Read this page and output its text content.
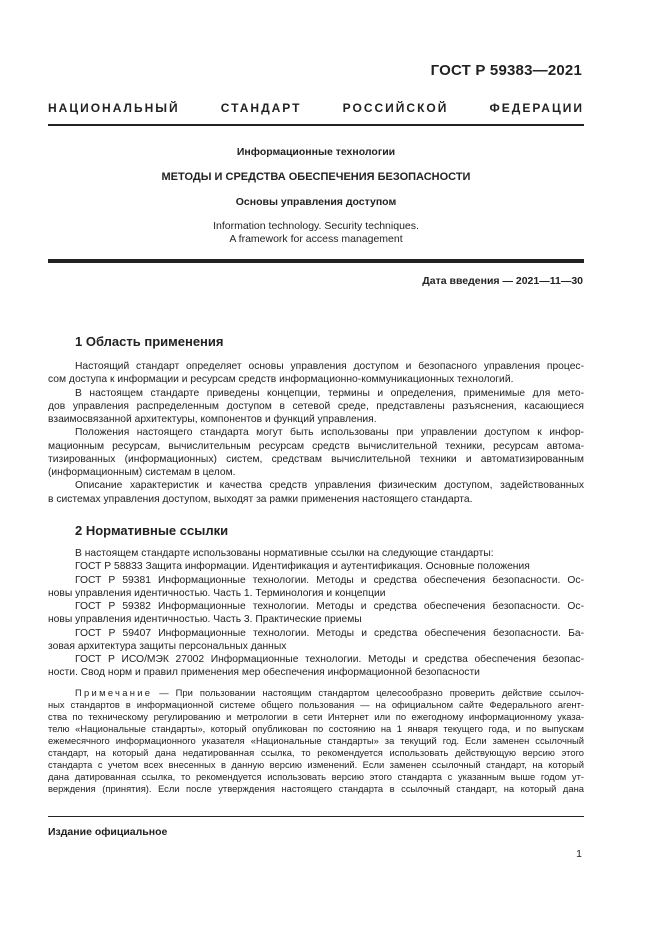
ГОСТ Р 59383—2021
НАЦИОНАЛЬНЫЙ СТАНДАРТ РОССИЙСКОЙ ФЕДЕРАЦИИ
Информационные технологии
МЕТОДЫ И СРЕДСТВА ОБЕСПЕЧЕНИЯ БЕЗОПАСНОСТИ
Основы управления доступом
Information technology. Security techniques.
A framework for access management
Дата введения — 2021—11—30
1 Область применения
Настоящий стандарт определяет основы управления доступом и безопасного управления процес-
сом доступа к информации и ресурсам средств информационно-коммуникационных технологий.
В настоящем стандарте приведены концепции, термины и определения, применимые для мето-
дов управления распределенным доступом в сетевой среде, представлены разъяснения, касающиеся
взаимосвязанной архитектуры, компонентов и функций управления.
Положения настоящего стандарта могут быть использованы при управлении доступом к инфор-
мационным ресурсам, вычислительным ресурсам средств вычислительной техники, ресурсам автома-
тизированных (информационных) систем, средствам вычислительной техники и автоматизированным
(информационным) системам в целом.
Описание характеристик и качества средств управления физическим доступом, задействованных
в системах управления доступом, выходят за рамки применения настоящего стандарта.
2 Нормативные ссылки
В настоящем стандарте использованы нормативные ссылки на следующие стандарты:
ГОСТ Р 58833 Защита информации. Идентификация и аутентификация. Основные положения
ГОСТ Р 59381 Информационные технологии. Методы и средства обеспечения безопасности. Ос-
новы управления идентичностью. Часть 1. Терминология и концепции
ГОСТ Р 59382 Информационные технологии. Методы и средства обеспечения безопасности. Ос-
новы управления идентичностью. Часть 3. Практические приемы
ГОСТ Р 59407 Информационные технологии. Методы и средства обеспечения безопасности. Ба-
зовая архитектура защиты персональных данных
ГОСТ Р ИСО/МЭК 27002 Информационные технологии. Методы и средства обеспечения безопас-
ности. Свод норм и правил применения мер обеспечения информационной безопасности
Примечание — При пользовании настоящим стандартом целесообразно проверить действие ссылоч-
ных стандартов в информационной системе общего пользования — на официальном сайте Федерального агент-
ства по техническому регулированию и метрологии в сети Интернет или по ежегодному информационному указа-
телю «Национальные стандарты», который опубликован по состоянию на 1 января текущего года, и по выпускам
ежемесячного информационного указателя «Национальные стандарты» за текущий год. Если заменен ссылочный
стандарт, на который дана недатированная ссылка, то рекомендуется использовать действующую версию этого
стандарта с учетом всех внесенных в данную версию изменений. Если заменен ссылочный стандарт, на который
дана датированная ссылка, то рекомендуется использовать версию этого стандарта с указанным выше годом ут-
верждения (принятия). Если после утверждения настоящего стандарта в ссылочный стандарт, на который дана
Издание официальное
1
